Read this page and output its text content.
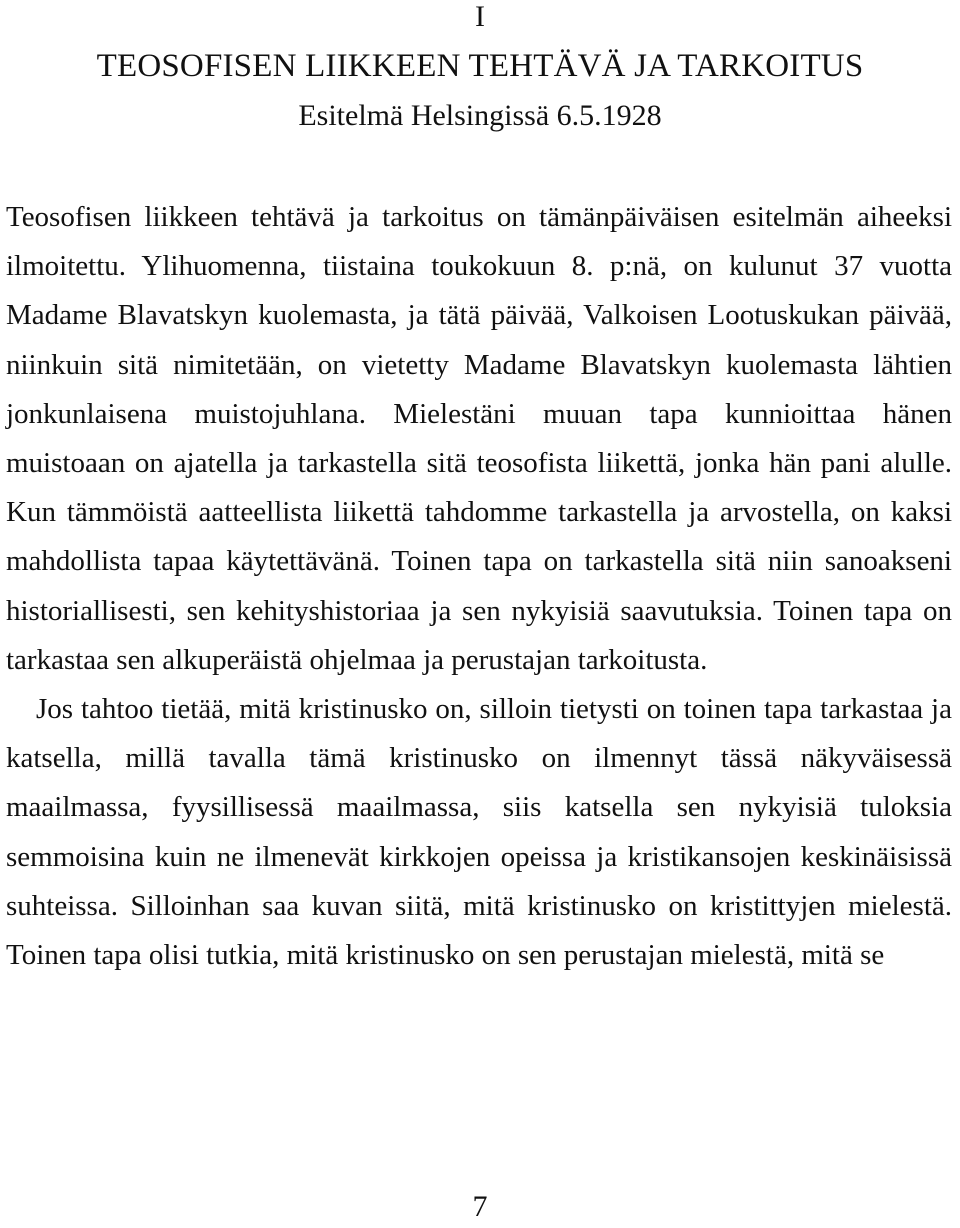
I
TEOSOFISEN LIIKKEEN TEHTÄVÄ JA TARKOITUS
Esitelmä Helsingissä 6.5.1928

Teosofisen liikkeen tehtävä ja tarkoitus on tämänpäiväisen esitelmän aiheeksi ilmoitettu. Ylihuomenna, tiistaina toukokuun 8. p:nä, on kulunut 37 vuotta Madame Blavatskyn kuolemasta, ja tätä päivää, Valkoisen Lootuskukan päivää, niinkuin sitä nimitetään, on vietetty Madame Blavatskyn kuolemasta lähtien jonkunlaisena muistojuhlana. Mielestäni muuan tapa kunnioittaa hänen muistoaan on ajatella ja tarkastella sitä teosofista liikettä, jonka hän pani alulle. Kun tämmöistä aatteellista liikettä tahdomme tarkastella ja arvostella, on kaksi mahdollista tapaa käytettävänä. Toinen tapa on tarkastella sitä niin sanoakseni historiallisesti, sen kehityshistoriaa ja sen nykyisiä saavutuksia. Toinen tapa on tarkastaa sen alkuperäistä ohjelmaa ja perustajan tarkoitusta.

Jos tahtoo tietää, mitä kristinusko on, silloin tietysti on toinen tapa tarkastaa ja katsella, millä tavalla tämä kristinusko on ilmennyt tässä näkyväisessä maailmassa, fyysillisessä maailmassa, siis katsella sen nykyisiä tuloksia semmoisina kuin ne ilmenevät kirkkojen opeissa ja kristikansojen keskinäisissä suhteissa. Silloinhan saa kuvan siitä, mitä kristinusko on kristittyjen mielestä. Toinen tapa olisi tutkia, mitä kristinusko on sen perustajan mielestä, mitä se

7
